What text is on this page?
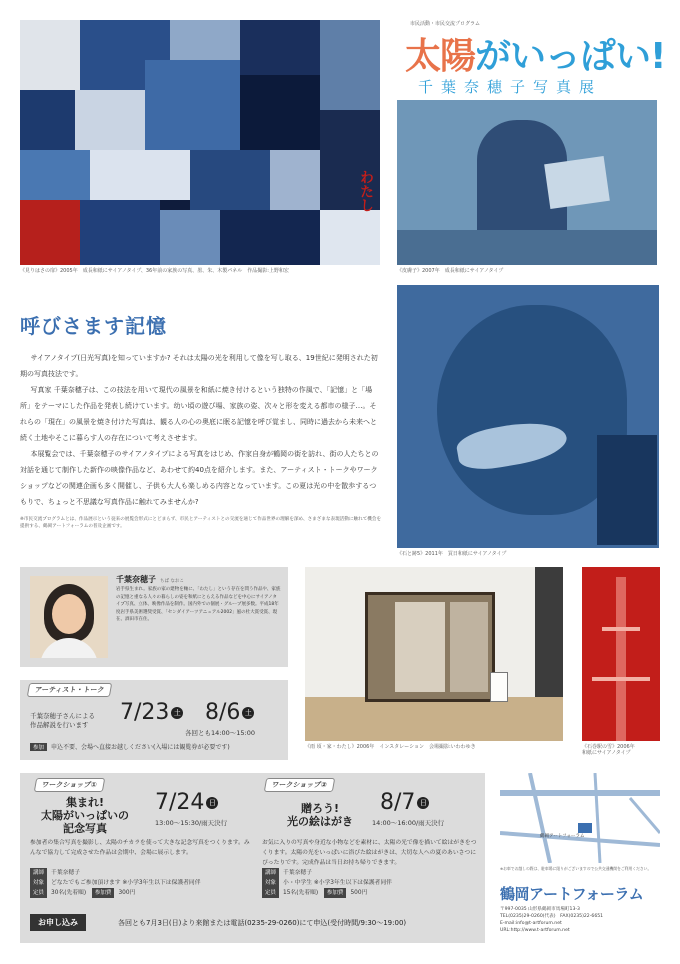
わたし
《見りはさの扉》2005年　成長和紙にサイアノタイプ、36年前の家族の写真、墨、朱、木製パネル　作品撮影:上野和宏
市民活動・市民交流プログラム
太陽がいっぱい!
千葉奈穂子写真展
《皮膚子》2007年　成長和紙にサイアノタイプ
《石と跡5》2011年　買日和紙にサイアノタイプ
呼びさます記憶

サイアノタイプ(日光写真)を知っていますか? それは太陽の光を利用して像を写し取る、19世紀に発明された初期の写真技法です。

写真家 千葉奈穂子は、この技法を用いて現代の風景を和紙に焼き付けるという独特の作風で、「記憶」と「場所」をテーマにした作品を発表し続けています。幼い頃の遊び場、家族の姿、次々と形を変える都市の様子…。それらの「現在」の風景を焼き付けた写真は、観る人の心の奥底に眠る記憶を呼び覚まし、同時に過去から未来へと続く土地やそこに暮らす人の存在について考えさせます。

本展覧会では、千葉奈穂子のサイアノタイプによる写真をはじめ、作家自身が鶴岡の街を訪れ、街の人たちとの対話を通じて制作した新作の映像作品など、あわせて約40点を紹介します。また、アーティスト・トークやワークショップなどの関連企画も多く開催し、子供も大人も楽しめる内容となっています。この夏は光の中を散歩するつもりで、ちょっと不思議な写真作品に触れてみませんか?

※市民交流プログラムとは、作品展示という従来の展覧会形式にとどまらず、市民とアーティストとの交流を通じて作品世界の理解を深め、さまざまな表現活動に触れて機会を提供する、鶴岡アートフォーラムの普及企画です。
千葉奈穂子 ちば なおこ
岩手県生まれ。家族の家の建物を軸に、「わたし」という存在を問う作品や、家族の記憶と重なる人々の暮らしの姿を和紙にとらえる作品などを中心にサイアノタイプ写真、立体、映像作品を制作。国内外での個展・グループ展多数。平成18年度岩手県美術選奨受賞、「センダイアーツアニュアル2002」風の杜大賞受賞、現在、酒田市在住。
アーティスト・トーク
千葉奈穂子さんによる
作品解説を行います 7/23 土 8/6 土
各回とも14:00〜15:00
参加 申込不要、会場へ直接お越しください(入場には観覧券が必要です)	《雨 頃・家・わたし》2006年　インスタレーション　会場撮影:いわわゆき	《石巻駅の雪》2006年
和紙にサイアノタイプ
ワークショップ①
集まれ!
太陽がいっぱいの
記念写真
7/24 日
13:00〜15:30/雨天決行
参加者の集合写真を撮影し、太陽のチカラを使って大きな記念写真をつくります。みんなで協力して完成させた作品は会期中、会場に展示します。
講師 千葉奈穂子
対象 どなたでもご参加頂けます ※小学3年生以下は保護者同伴
定員 30名(先着順)　 参加費 300円
ワークショップ②
贈ろう!
光の絵はがき
8/7 日
14:00〜16:00/雨天決行
お気に入りの写真や身近な小物などを素材に、太陽の光で像を描いて絵はがきをつくります。太陽の光をいっぱいに浴びた絵はがきは、大切な人への夏のあいさつにぴったりです。完成作品は当日お持ち帰りできます。
講師 千葉奈穂子
対象 小・中学生 ※小学3年生以下は保護者同伴
定員 15名(先着順)　 参加費 500円
お申し込み	各回とも7月3日(日)より来館または電話(0235-29-0260)にて申込(受付時間/9:30〜19:00)
鶴岡アートフォーラム
※お車でお越しの際は、駐車場に限りがございますので公共交通機関をご利用ください。
鶴岡アートフォーラム
〒997-0035 山形県鶴岡市馬場町13-3
TEL(0235)29-0260(代表)　FAX(0235)22-6651
E-mail:info@t-artforum.net
URL:http://www.t-artforum.net
